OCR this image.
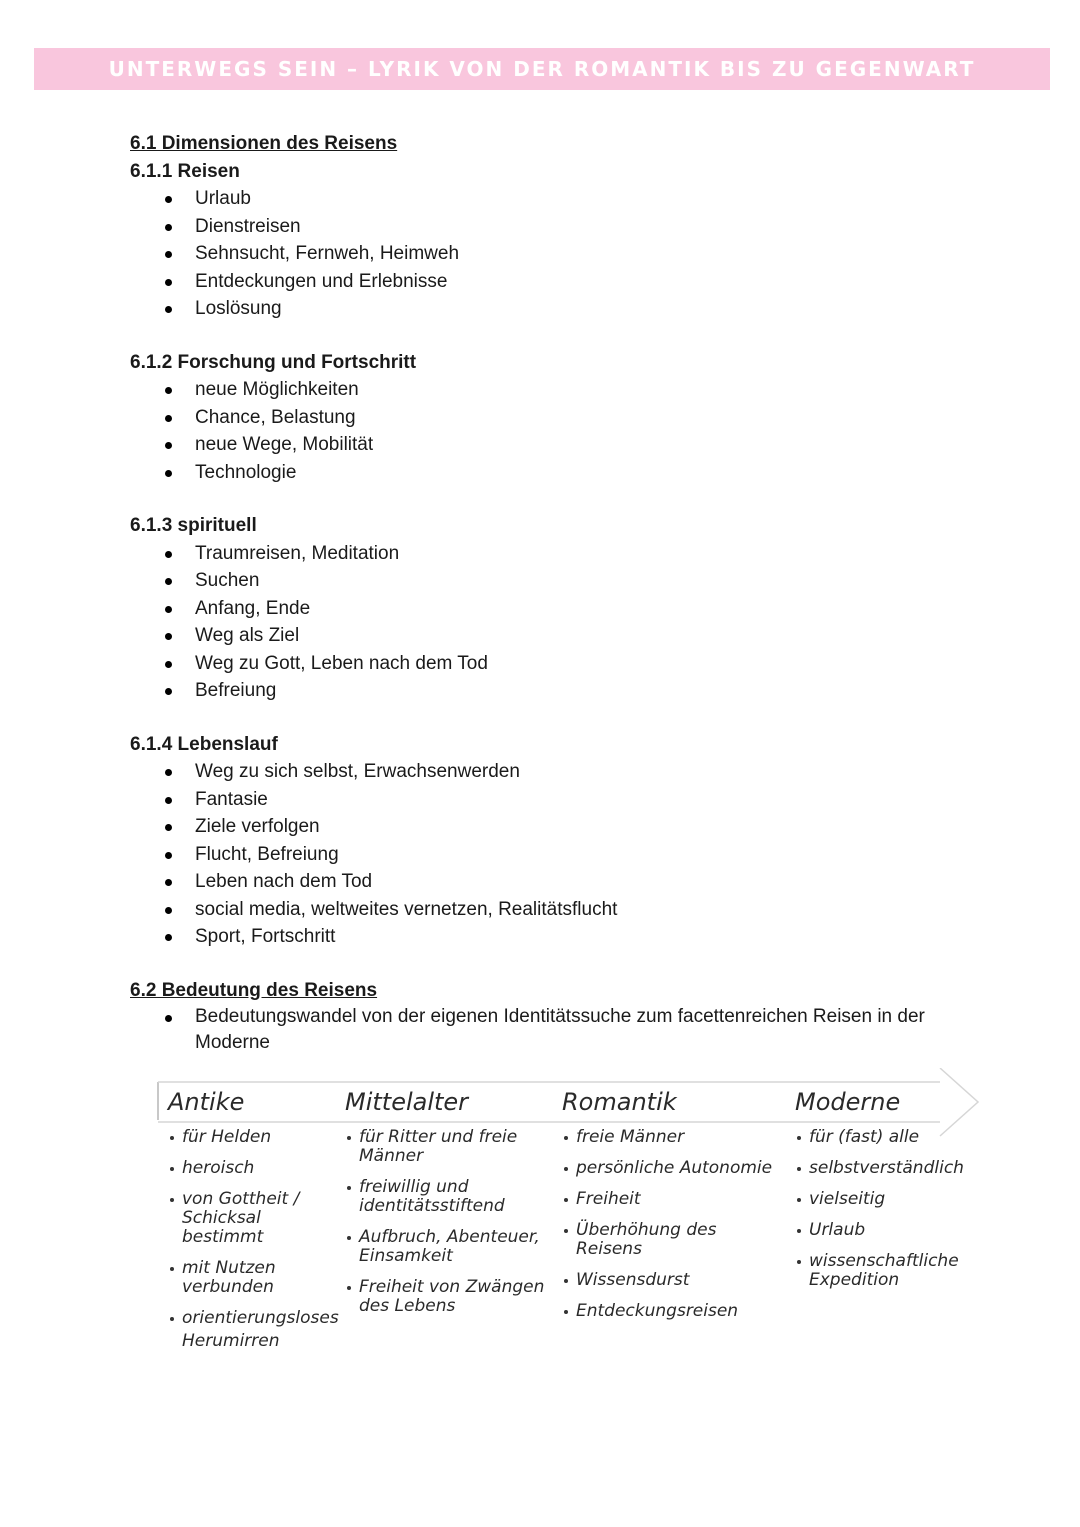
UNTERWEGS SEIN – LYRIK VON DER ROMANTIK BIS ZU GEGENWART
6.1 Dimensionen des Reisens
6.1.1 Reisen
Urlaub
Dienstreisen
Sehnsucht, Fernweh, Heimweh
Entdeckungen und Erlebnisse
Loslösung
6.1.2 Forschung und Fortschritt
neue Möglichkeiten
Chance, Belastung
neue Wege, Mobilität
Technologie
6.1.3 spirituell
Traumreisen, Meditation
Suchen
Anfang, Ende
Weg als Ziel
Weg zu Gott, Leben nach dem Tod
Befreiung
6.1.4 Lebenslauf
Weg zu sich selbst, Erwachsenwerden
Fantasie
Ziele verfolgen
Flucht, Befreiung
Leben nach dem Tod
social media, weltweites vernetzen, Realitätsflucht
Sport, Fortschritt
6.2 Bedeutung des Reisens
Bedeutungswandel von der eigenen Identitätssuche zum facettenreichen Reisen in der Moderne
Antike
für Helden
heroisch
von Gottheit / Schicksal bestimmt
mit Nutzen verbunden
orientierungsloses
Herumirren
Mittelalter
für Ritter und freie Männer
freiwillig und identitätsstiftend
Aufbruch, Abenteuer, Einsamkeit
Freiheit von Zwängen des Lebens
Romantik
freie Männer
persönliche Autonomie
Freiheit
Überhöhung des Reisens
Wissensdurst
Entdeckungsreisen
Moderne
für (fast) alle
selbstverständlich
vielseitig
Urlaub
wissenschaftliche Expedition
